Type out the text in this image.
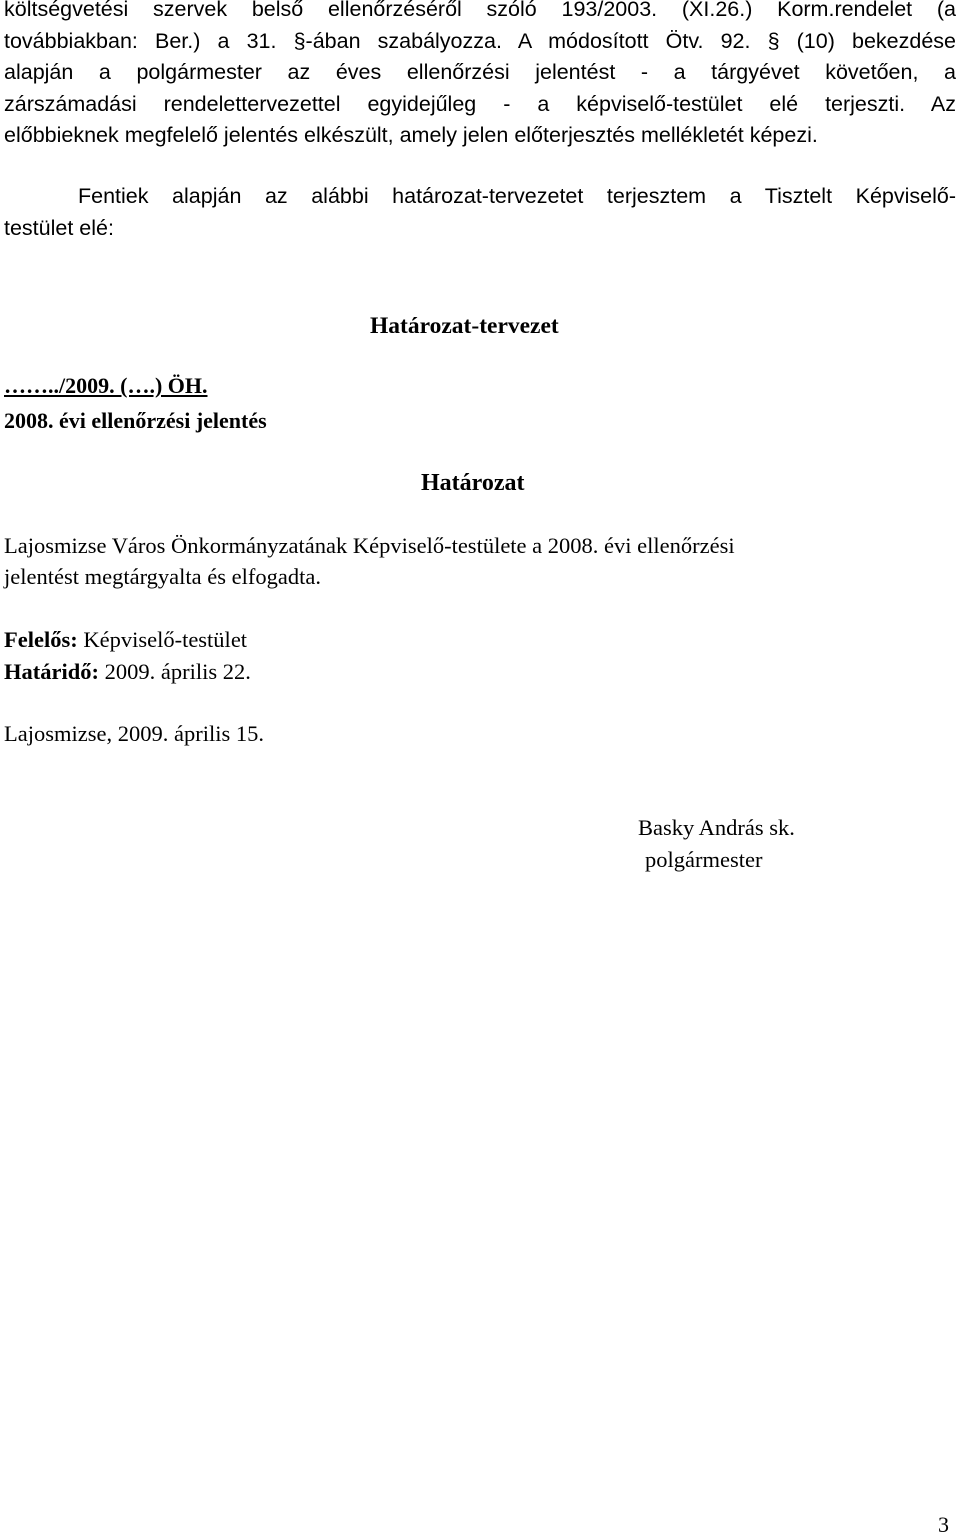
költségvetési szervek belső ellenőrzéséről szóló 193/2003. (XI.26.) Korm.rendelet (a
továbbiakban: Ber.) a 31. §-ában szabályozza. A módosított Ötv. 92. § (10) bekezdése
alapján a polgármester az éves ellenőrzési jelentést - a tárgyévet követően, a
zárszámadási rendelettervezettel egyidejűleg - a képviselő-testület elé terjeszti. Az
előbbieknek megfelelő jelentés elkészült, amely jelen előterjesztés mellékletét képezi.
Fentiek alapján az alábbi határozat-tervezetet terjesztem a Tisztelt Képviselő-
testület elé:
Határozat-tervezet
……../2009. (….) ÖH.
2008. évi ellenőrzési jelentés
Határozat
Lajosmizse Város Önkormányzatának Képviselő-testülete a 2008. évi ellenőrzési
jelentést megtárgyalta és elfogadta.
Felelős: Képviselő-testület
Határidő: 2009. április 22.
Lajosmizse, 2009. április 15.
Basky András sk.
polgármester
3
